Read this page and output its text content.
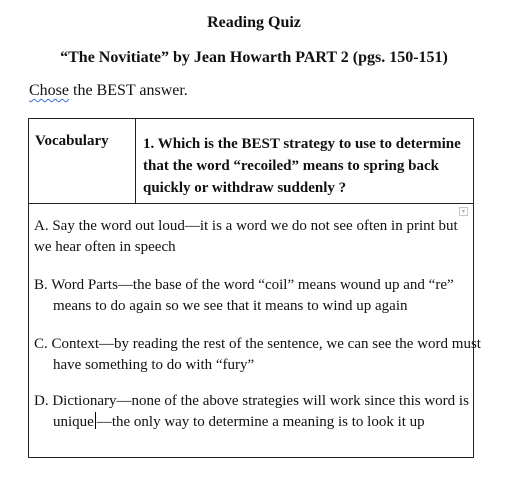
Reading Quiz
“The Novitiate” by Jean Howarth PART 2 (pgs. 150-151)
Chose the BEST answer.
Vocabulary	1. Which is the BEST strategy to use to determine that the word “recoiled” means to spring back quickly or withdraw suddenly ?
▾
A. Say the word out loud—it is a word we do not see often in print but we hear often in speech
B. Word Parts—the base of the word “coil” means wound up and “re” means to do again so we see that it means to wind up again
C. Context—by reading the rest of the sentence, we can see the word must have something to do with “fury”
D. Dictionary—none of the above strategies will work since this word is unique —the only way to determine a meaning is to look it up
